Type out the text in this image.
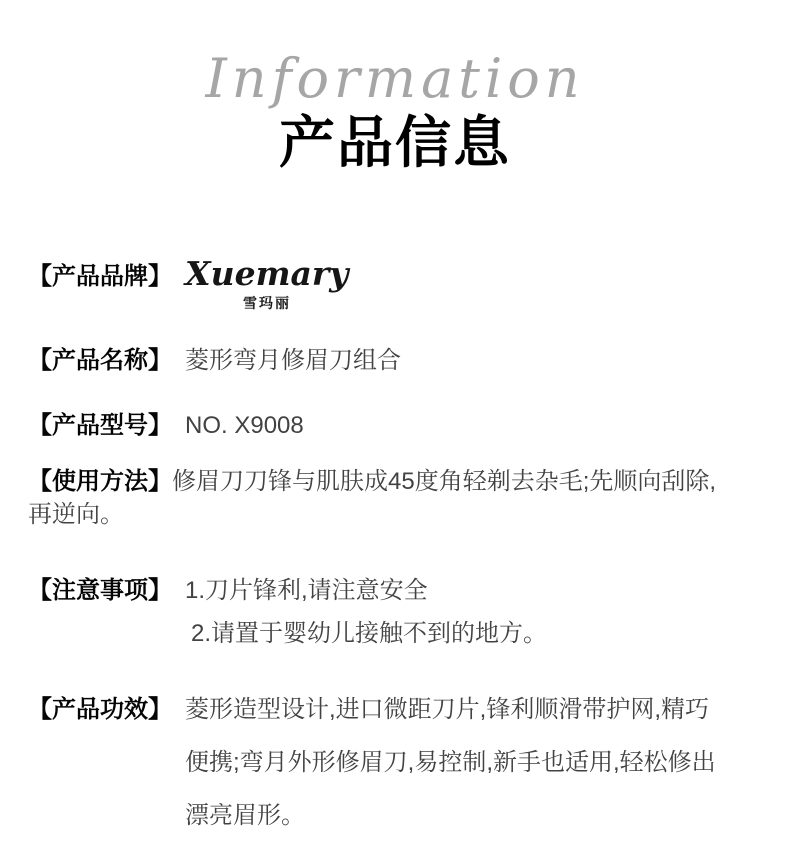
Information
产品信息
【产品品牌】 Xuemary
雪玛丽
【产品名称】 菱形弯月修眉刀组合
【产品型号】 NO. X9008
【使用方法】修眉刀刀锋与肌肤成45度角轻剃去杂毛;先顺向刮除,
再逆向。
【注意事项】 1.刀片锋利,请注意安全
2.请置于婴幼儿接触不到的地方。
【产品功效】 菱形造型设计,进口微距刀片,锋利顺滑带护网,精巧
便携;弯月外形修眉刀,易控制,新手也适用,轻松修出
漂亮眉形。
